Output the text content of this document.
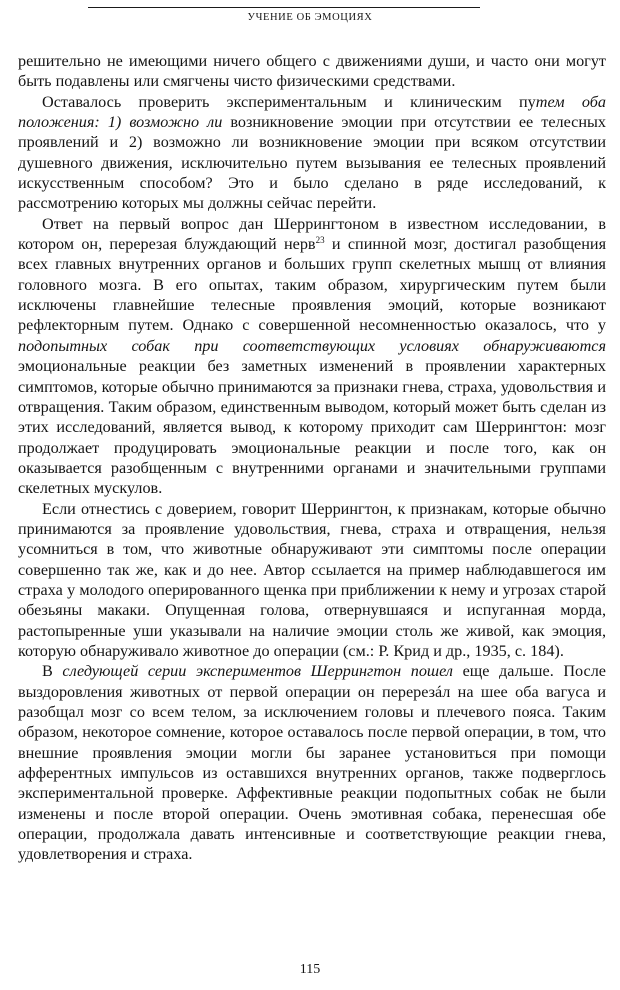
УЧЕНИЕ ОБ ЭМОЦИЯХ

решительно не имеющими ничего общего с движениями души, и часто они могут быть подавлены или смягчены чисто физическими средствами.

Оставалось проверить экспериментальным и клиническим путем оба положения: 1) возможно ли возникновение эмоции при отсутствии ее телесных проявлений и 2) возможно ли возникновение эмоции при всяком отсутствии душевного движения, исключительно путем вызывания ее телесных проявлений искусственным способом? Это и было сделано в ряде исследований, к рассмотрению которых мы должны сейчас перейти.

Ответ на первый вопрос дан Шеррингтоном в известном исследовании, в котором он, перерезая блуждающий нерв$^{23}$ и спинной мозг, достигал разобщения всех главных внутренних органов и больших групп скелетных мышц от влияния головного мозга. В его опытах, таким образом, хирургическим путем были исключены главнейшие телесные проявления эмоций, которые возникают рефлекторным путем. Однако с совершенной несомненностью оказалось, что у подопытных собак при соответствующих условиях обнаруживаются эмоциональные реакции без заметных изменений в проявлении характерных симптомов, которые обычно принимаются за признаки гнева, страха, удовольствия и отвращения. Таким образом, единственным выводом, который может быть сделан из этих исследований, является вывод, к которому приходит сам Шеррингтон: мозг продолжает продуцировать эмоциональные реакции и после того, как он оказывается разобщенным с внутренними органами и значительными группами скелетных мускулов.

Если отнестись с доверием, говорит Шеррингтон, к признакам, которые обычно принимаются за проявление удовольствия, гнева, страха и отвращения, нельзя усомниться в том, что животные обнаруживают эти симптомы после операции совершенно так же, как и до нее. Автор ссылается на пример наблюдавшегося им страха у молодого оперированного щенка при приближении к нему и угрозах старой обезьяны макаки. Опущенная голова, отвернувшаяся и испуганная морда, растопыренные уши указывали на наличие эмоции столь же живой, как эмоция, которую обнаруживало животное до операции (см.: Р. Крид и др., 1935, с. 184).

В следующей серии экспериментов Шеррингтон пошел еще дальше. После выздоровления животных от первой операции он перерезáл на шее оба вагуса и разобщал мозг со всем телом, за исключением головы и плечевого пояса. Таким образом, некоторое сомнение, которое оставалось после первой операции, в том, что внешние проявления эмоции могли бы заранее установиться при помощи афферентных импульсов из оставшихся внутренних органов, также подверглось экспериментальной проверке. Аффективные реакции подопытных собак не были изменены и после второй операции. Очень эмотивная собака, перенесшая обе операции, продолжала давать интенсивные и соответствующие реакции гнева, удовлетворения и страха.

115
